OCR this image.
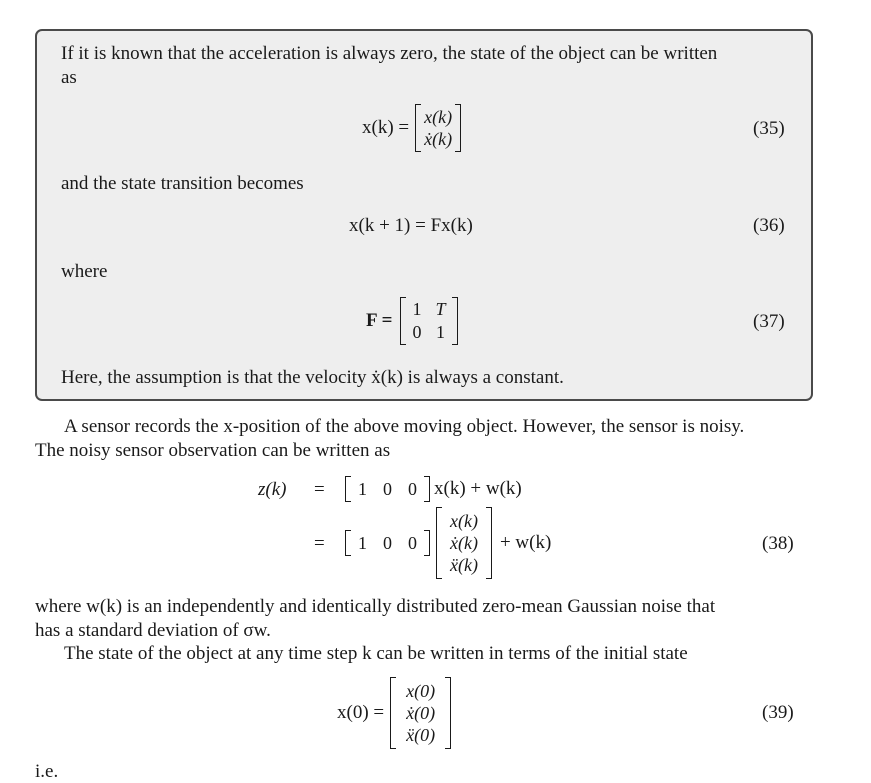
If it is known that the acceleration is always zero, the state of the object can be written
as
x(k) = x(k)
ẋ(k)	(35)
and the state transition becomes
x(k + 1) = Fx(k)	(36)
where
F =
1 T
0 1	(37)
Here, the assumption is that the velocity ẋ(k) is always a constant.
A sensor records the x-position of the above moving object. However, the sensor is noisy.
The noisy sensor observation can be written as
z(k) = 1 0 0 x(k) + w(k)
= 1 0 0
x(k)
ẋ(k)
ẍ(k)
+ w(k)	(38)
where w(k) is an independently and identically distributed zero-mean Gaussian noise that
has a standard deviation of σw.
The state of the object at any time step k can be written in terms of the initial state
x(0) =
x(0)
ẋ(0)
ẍ(0)
(39)
i.e.
